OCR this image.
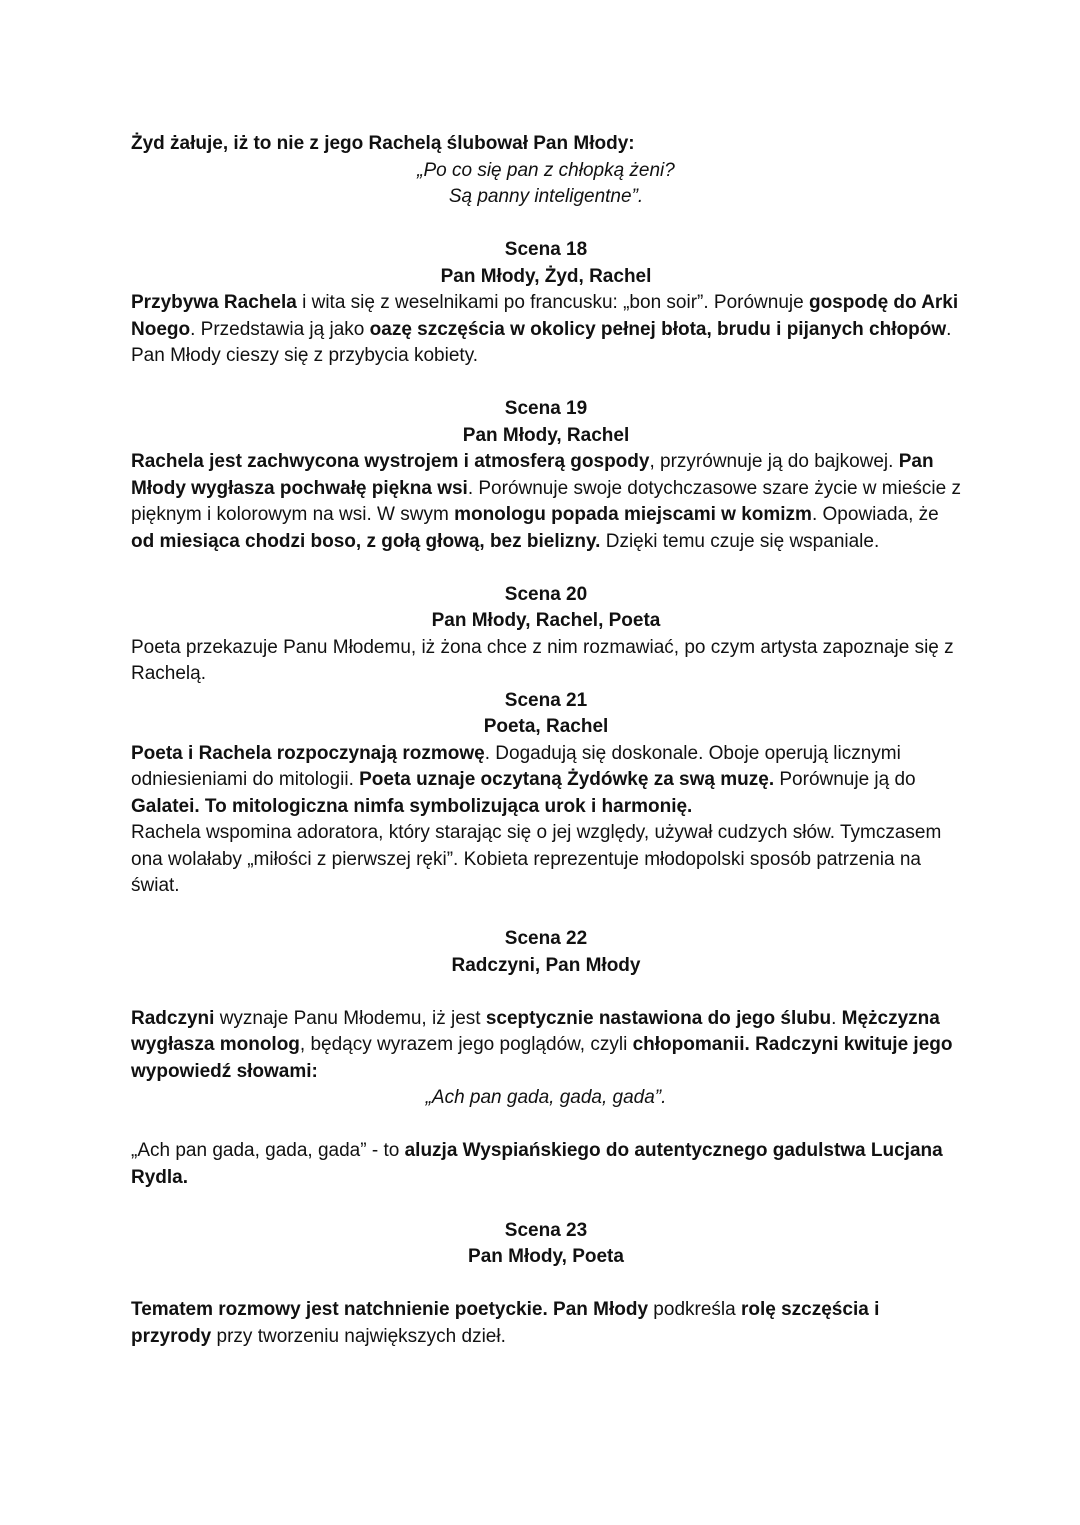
Żyd żałuje, iż to nie z jego Rachelą ślubował Pan Młody:

„Po co się pan z chłopką żeni?

Są panny inteligentne”.

Scena 18

Pan Młody, Żyd, Rachel

Przybywa Rachela i wita się z weselnikami po francusku: „bon soir”. Porównuje gospodę do Arki Noego. Przedstawia ją jako oazę szczęścia w okolicy pełnej błota, brudu i pijanych chłopów. Pan Młody cieszy się z przybycia kobiety.

Scena 19

Pan Młody, Rachel

Rachela jest zachwycona wystrojem i atmosferą gospody, przyrównuje ją do bajkowej. Pan Młody wygłasza pochwałę piękna wsi. Porównuje swoje dotychczasowe szare życie w mieście z pięknym i kolorowym na wsi. W swym monologu popada miejscami w komizm. Opowiada, że od miesiąca chodzi boso, z gołą głową, bez bielizny. Dzięki temu czuje się wspaniale.

Scena 20

Pan Młody, Rachel, Poeta

Poeta przekazuje Panu Młodemu, iż żona chce z nim rozmawiać, po czym artysta zapoznaje się z Rachelą.

Scena 21

Poeta, Rachel

Poeta i Rachela rozpoczynają rozmowę. Dogadują się doskonale. Oboje operują licznymi odniesieniami do mitologii. Poeta uznaje oczytaną Żydówkę za swą muzę. Porównuje ją do Galatei. To mitologiczna nimfa symbolizująca urok i harmonię.

Rachela wspomina adoratora, który starając się o jej względy, używał cudzych słów. Tymczasem ona wolałaby „miłości z pierwszej ręki”. Kobieta reprezentuje młodopolski sposób patrzenia na świat.

Scena 22

Radczyni, Pan Młody

Radczyni wyznaje Panu Młodemu, iż jest sceptycznie nastawiona do jego ślubu. Mężczyzna wygłasza monolog, będący wyrazem jego poglądów, czyli chłopomanii. Radczyni kwituje jego wypowiedź słowami:

„Ach pan gada, gada, gada”.

„Ach pan gada, gada, gada” - to aluzja Wyspiańskiego do autentycznego gadulstwa Lucjana Rydla.

Scena 23

Pan Młody, Poeta

Tematem rozmowy jest natchnienie poetyckie. Pan Młody podkreśla rolę szczęścia i przyrody przy tworzeniu największych dzieł.
